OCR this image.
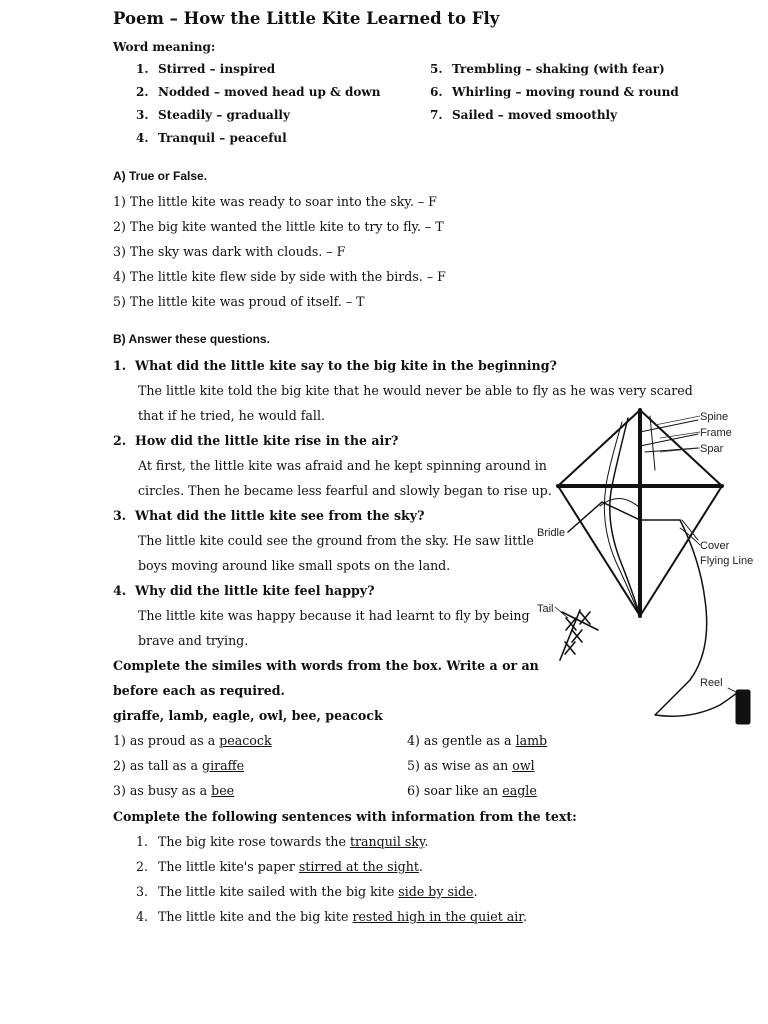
Poem – How the Little Kite Learned to Fly
Word meaning:
1. Stirred – inspired
2. Nodded – moved head up & down
3. Steadily – gradually
4. Tranquil – peaceful
5. Trembling – shaking (with fear)
6. Whirling – moving round & round
7. Sailed – moved smoothly
A) True or False.
1) The little kite was ready to soar into the sky. – F
2) The big kite wanted the little kite to try to fly. – T
3) The sky was dark with clouds. – F
4) The little kite flew side by side with the birds. – F
5) The little kite was proud of itself. – T
B) Answer these questions.
1. What did the little kite say to the big kite in the beginning?
The little kite told the big kite that he would never be able to fly as he was very scared
that if he tried, he would fall.
2. How did the little kite rise in the air?
At first, the little kite was afraid and he kept spinning around in
circles. Then he became less fearful and slowly began to rise up.
3. What did the little kite see from the sky?
The little kite could see the ground from the sky. He saw little
boys moving around like small spots on the land.
4. Why did the little kite feel happy?
The little kite was happy because it had learnt to fly by being
brave and trying.
Complete the similes with words from the box. Write a or an
before each as required.
giraffe, lamb, eagle, owl, bee, peacock
1) as proud as a peacock
2) as tall as a giraffe
3) as busy as a bee
4) as gentle as a lamb
5) as wise as an owl
6) soar like an eagle
Complete the following sentences with information from the text:
1. The big kite rose towards the tranquil sky.
2. The little kite's paper stirred at the sight.
3. The little kite sailed with the big kite side by side.
4. The little kite and the big kite rested high in the quiet air.
Spine
Frame
Spar
Bridle
Cover
Flying Line
Tail
Reel
